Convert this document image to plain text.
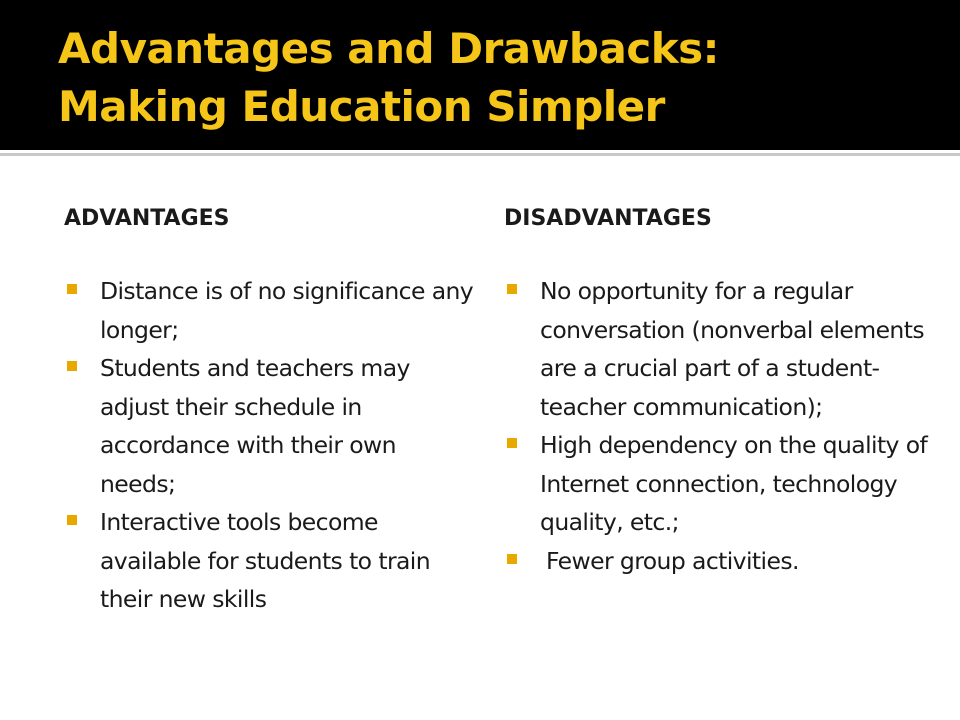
Advantages and Drawbacks:
Making Education Simpler
ADVANTAGES
Distance is of no significance any longer;
Students and teachers may adjust their schedule in accordance with their own needs;
Interactive tools become available for students to train their new skills
DISADVANTAGES
No opportunity for a regular conversation (nonverbal elements are a crucial part of a student-teacher communication);
High dependency on the quality of Internet connection, technology quality, etc.;
Fewer group activities.
